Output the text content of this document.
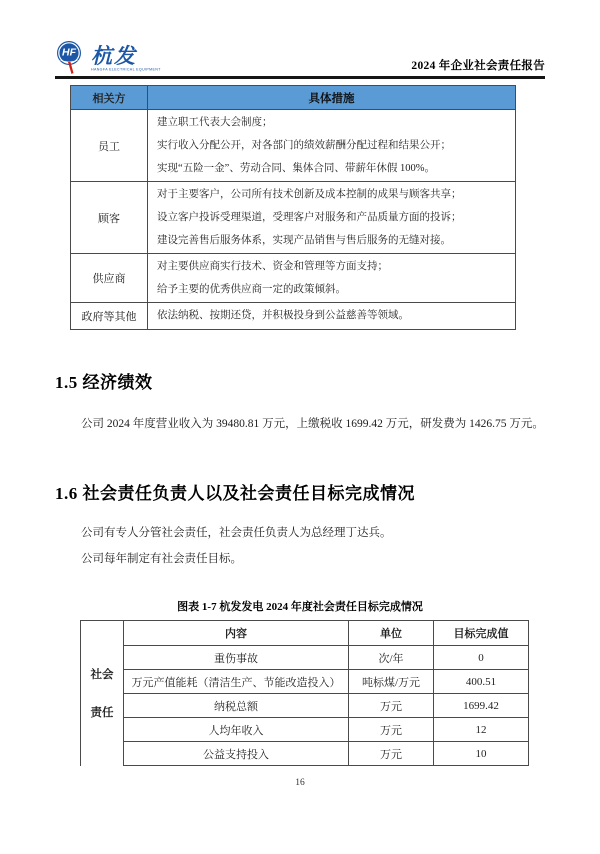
HF 杭发
HANGFA ELECTRICAL EQUIPMENT	2024 年企业社会责任报告
相关方	具体措施
员工	建立职工代表大会制度；
实行收入分配公开，对各部门的绩效薪酬分配过程和结果公开；
实现“五险一金”、劳动合同、集体合同、带薪年休假 100%。

顾客	对于主要客户，公司所有技术创新及成本控制的成果与顾客共享；
设立客户投诉受理渠道，受理客户对服务和产品质量方面的投诉；
建设完善售后服务体系，实现产品销售与售后服务的无缝对接。

供应商	对主要供应商实行技术、资金和管理等方面支持；
给予主要的优秀供应商一定的政策倾斜。

政府等其他	依法纳税、按期还贷，并积极投身到公益慈善等领域。
1.5 经济绩效
公司 2024 年度营业收入为 39480.81 万元，上缴税收 1699.42 万元，研发费为 1426.75 万元。
1.6 社会责任负责人以及社会责任目标完成情况
公司有专人分管社会责任，社会责任负责人为总经理丁达兵。
公司每年制定有社会责任目标。
图表 1-7 杭发发电 2024 年度社会责任目标完成情况
社会
责任	内容	单位	目标完成值
	重伤事故	次/年	0
	万元产值能耗（清洁生产、节能改造投入）	吨标煤/万元	400.51
	纳税总额	万元	1699.42
	人均年收入	万元	12
	公益支持投入	万元	10
16
